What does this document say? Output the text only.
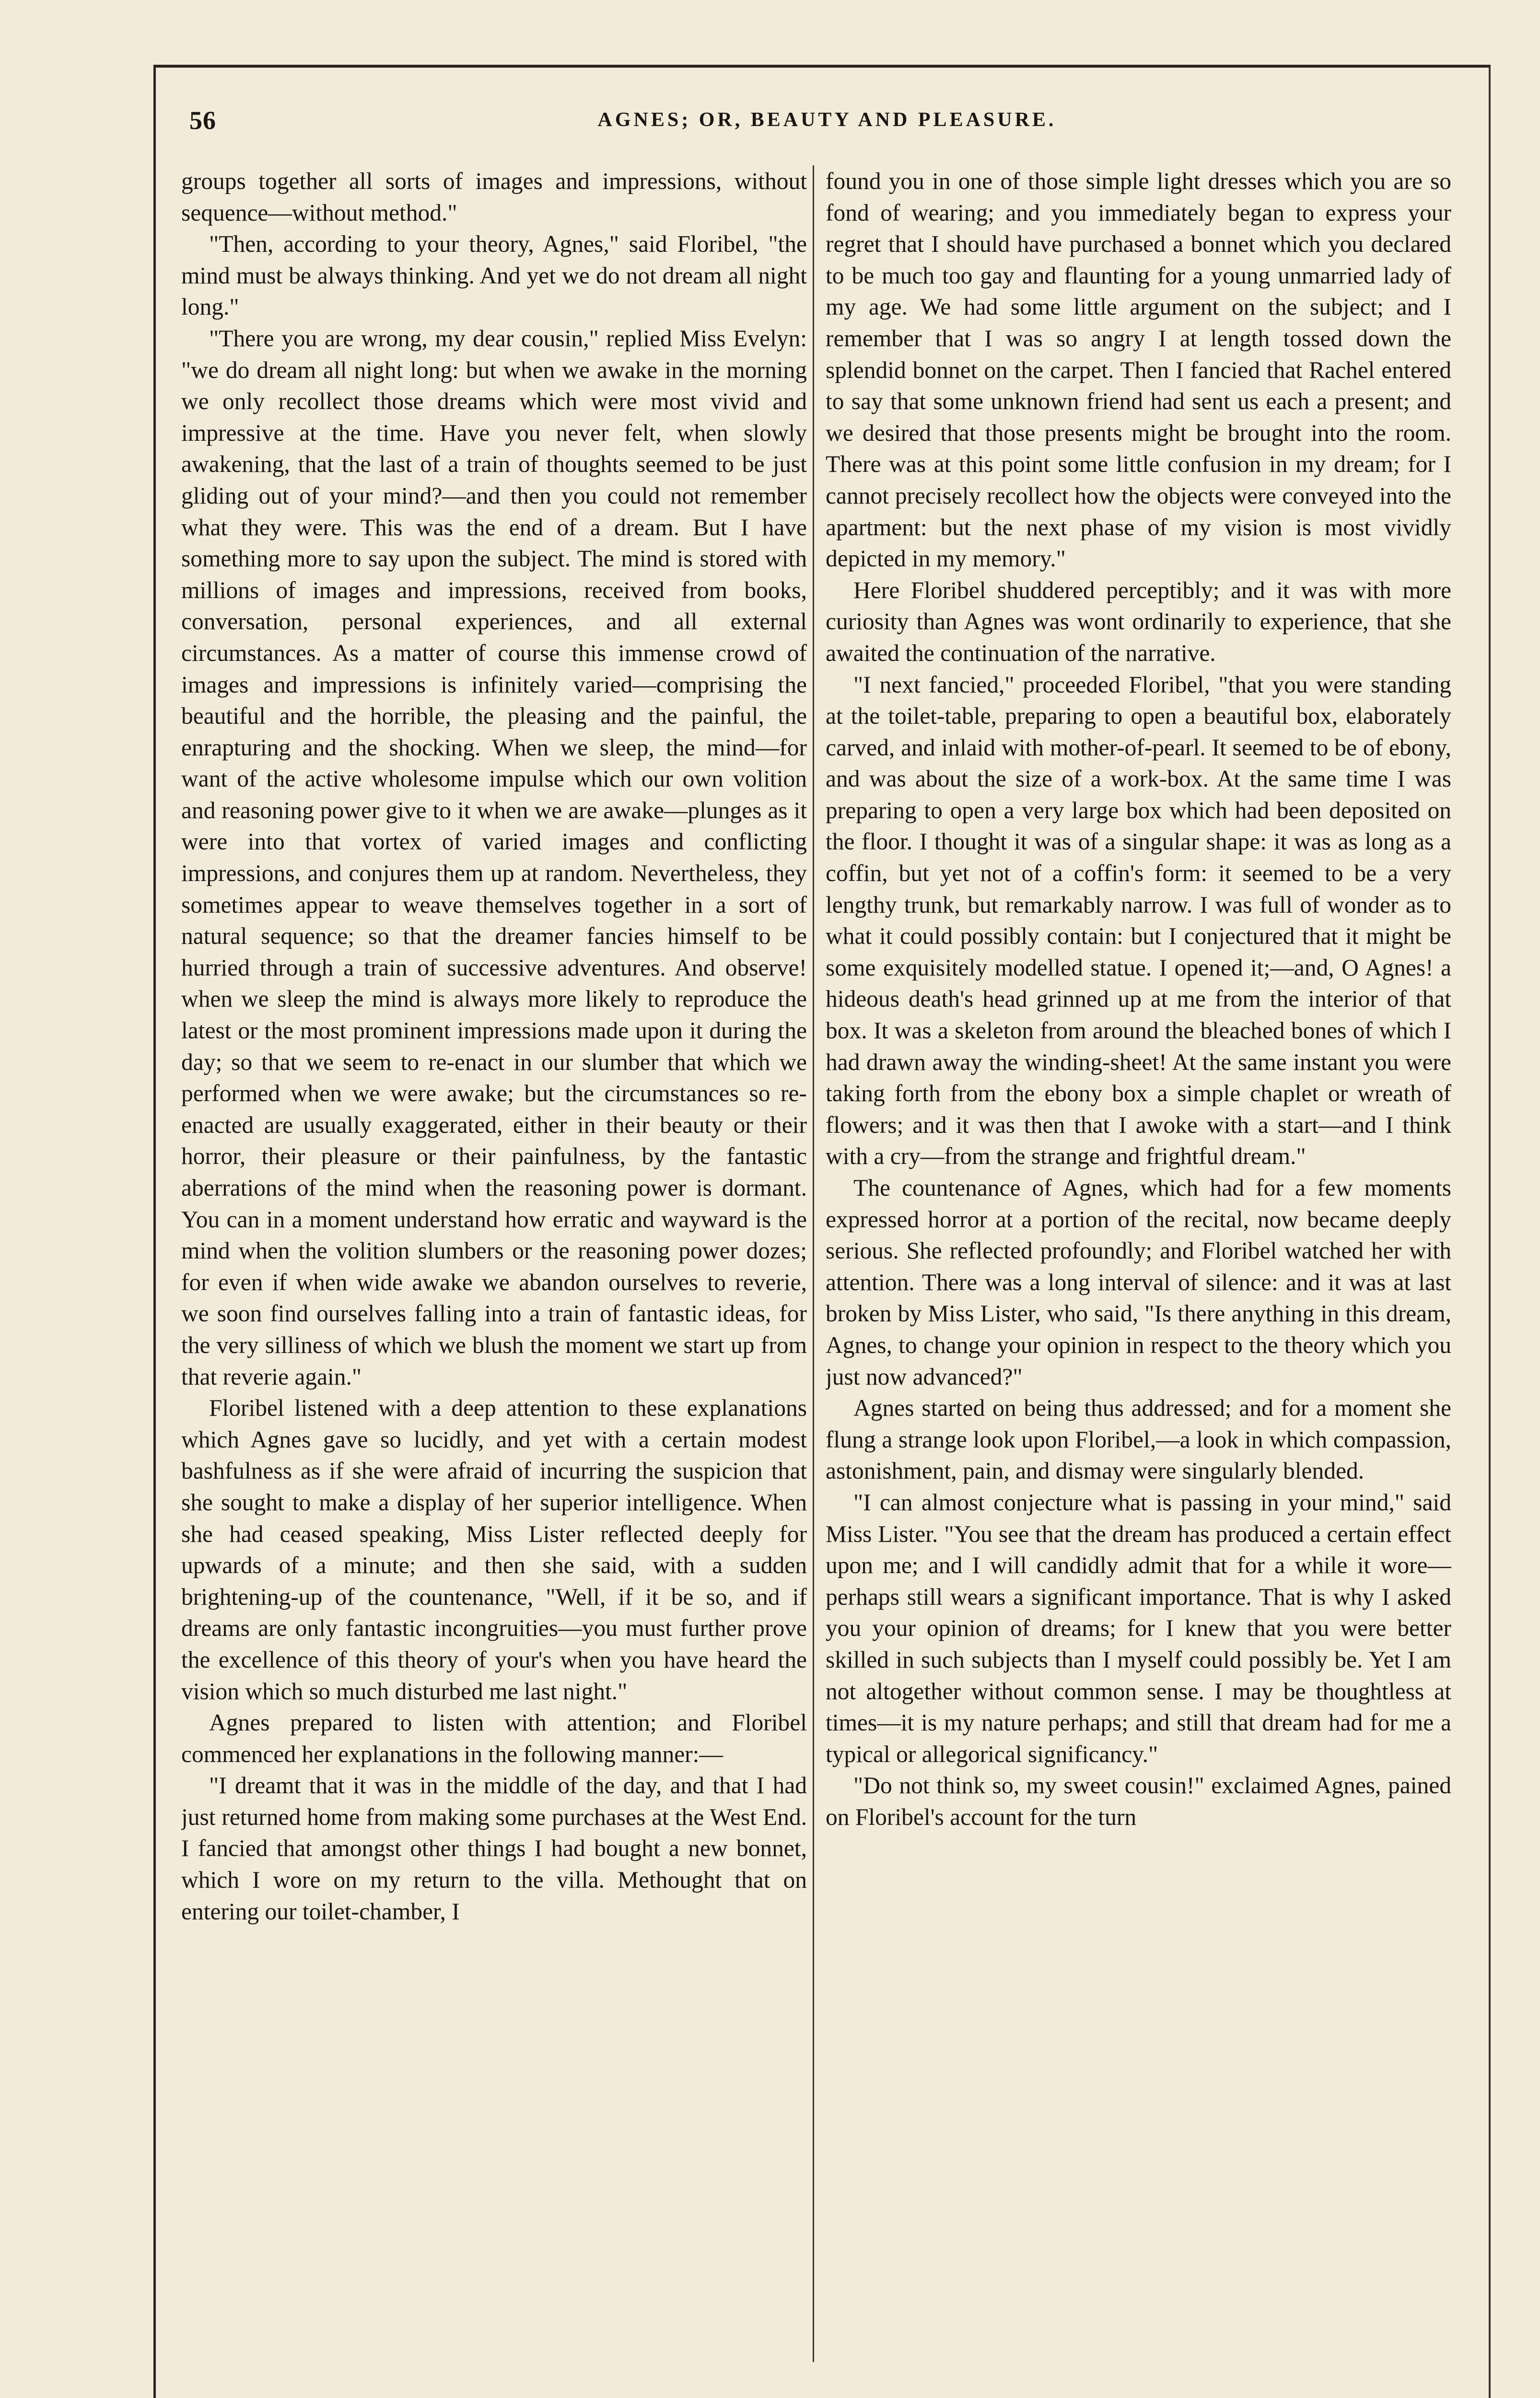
56	AGNES; OR, BEAUTY AND PLEASURE.

groups together all sorts of images and impressions, without sequence—without method."

"Then, according to your theory, Agnes," said Floribel, "the mind must be always thinking. And yet we do not dream all night long."

"There you are wrong, my dear cousin," replied Miss Evelyn: "we do dream all night long: but when we awake in the morning we only recollect those dreams which were most vivid and impressive at the time. Have you never felt, when slowly awakening, that the last of a train of thoughts seemed to be just gliding out of your mind?—and then you could not remember what they were. This was the end of a dream. But I have something more to say upon the subject. The mind is stored with millions of images and impressions, received from books, conversation, personal experiences, and all external circumstances. As a matter of course this immense crowd of images and impressions is infinitely varied—comprising the beautiful and the horrible, the pleasing and the painful, the enrapturing and the shocking. When we sleep, the mind—for want of the active wholesome impulse which our own volition and reasoning power give to it when we are awake—plunges as it were into that vortex of varied images and conflicting impressions, and conjures them up at random. Nevertheless, they sometimes appear to weave themselves together in a sort of natural sequence; so that the dreamer fancies himself to be hurried through a train of successive adventures. And observe! when we sleep the mind is always more likely to reproduce the latest or the most prominent impressions made upon it during the day; so that we seem to re-enact in our slumber that which we performed when we were awake; but the circumstances so re-enacted are usually exaggerated, either in their beauty or their horror, their pleasure or their painfulness, by the fantastic aberrations of the mind when the reasoning power is dormant. You can in a moment understand how erratic and wayward is the mind when the volition slumbers or the reasoning power dozes; for even if when wide awake we abandon ourselves to reverie, we soon find ourselves falling into a train of fantastic ideas, for the very silliness of which we blush the moment we start up from that reverie again."

Floribel listened with a deep attention to these explanations which Agnes gave so lucidly, and yet with a certain modest bashfulness as if she were afraid of incurring the suspicion that she sought to make a display of her superior intelligence. When she had ceased speaking, Miss Lister reflected deeply for upwards of a minute; and then she said, with a sudden brightening-up of the countenance, "Well, if it be so, and if dreams are only fantastic incongruities—you must further prove the excellence of this theory of your's when you have heard the vision which so much disturbed me last night."

Agnes prepared to listen with attention; and Floribel commenced her explanations in the following manner:—

"I dreamt that it was in the middle of the day, and that I had just returned home from making some purchases at the West End. I fancied that amongst other things I had bought a new bonnet, which I wore on my return to the villa. Methought that on entering our toilet-chamber, I

found you in one of those simple light dresses which you are so fond of wearing; and you immediately began to express your regret that I should have purchased a bonnet which you declared to be much too gay and flaunting for a young unmarried lady of my age. We had some little argument on the subject; and I remember that I was so angry I at length tossed down the splendid bonnet on the carpet. Then I fancied that Rachel entered to say that some unknown friend had sent us each a present; and we desired that those presents might be brought into the room. There was at this point some little confusion in my dream; for I cannot precisely recollect how the objects were conveyed into the apartment: but the next phase of my vision is most vividly depicted in my memory."

Here Floribel shuddered perceptibly; and it was with more curiosity than Agnes was wont ordinarily to experience, that she awaited the continuation of the narrative.

"I next fancied," proceeded Floribel, "that you were standing at the toilet-table, preparing to open a beautiful box, elaborately carved, and inlaid with mother-of-pearl. It seemed to be of ebony, and was about the size of a work-box. At the same time I was preparing to open a very large box which had been deposited on the floor. I thought it was of a singular shape: it was as long as a coffin, but yet not of a coffin's form: it seemed to be a very lengthy trunk, but remarkably narrow. I was full of wonder as to what it could possibly contain: but I conjectured that it might be some exquisitely modelled statue. I opened it;—and, O Agnes! a hideous death's head grinned up at me from the interior of that box. It was a skeleton from around the bleached bones of which I had drawn away the winding-sheet! At the same instant you were taking forth from the ebony box a simple chaplet or wreath of flowers; and it was then that I awoke with a start—and I think with a cry—from the strange and frightful dream."

The countenance of Agnes, which had for a few moments expressed horror at a portion of the recital, now became deeply serious. She reflected profoundly; and Floribel watched her with attention. There was a long interval of silence: and it was at last broken by Miss Lister, who said, "Is there anything in this dream, Agnes, to change your opinion in respect to the theory which you just now advanced?"

Agnes started on being thus addressed; and for a moment she flung a strange look upon Floribel,—a look in which compassion, astonishment, pain, and dismay were singularly blended.

"I can almost conjecture what is passing in your mind," said Miss Lister. "You see that the dream has produced a certain effect upon me; and I will candidly admit that for a while it wore—perhaps still wears a significant importance. That is why I asked you your opinion of dreams; for I knew that you were better skilled in such subjects than I myself could possibly be. Yet I am not altogether without common sense. I may be thoughtless at times—it is my nature perhaps; and still that dream had for me a typical or allegorical significancy."

"Do not think so, my sweet cousin!" exclaimed Agnes, pained on Floribel's account for the turn
